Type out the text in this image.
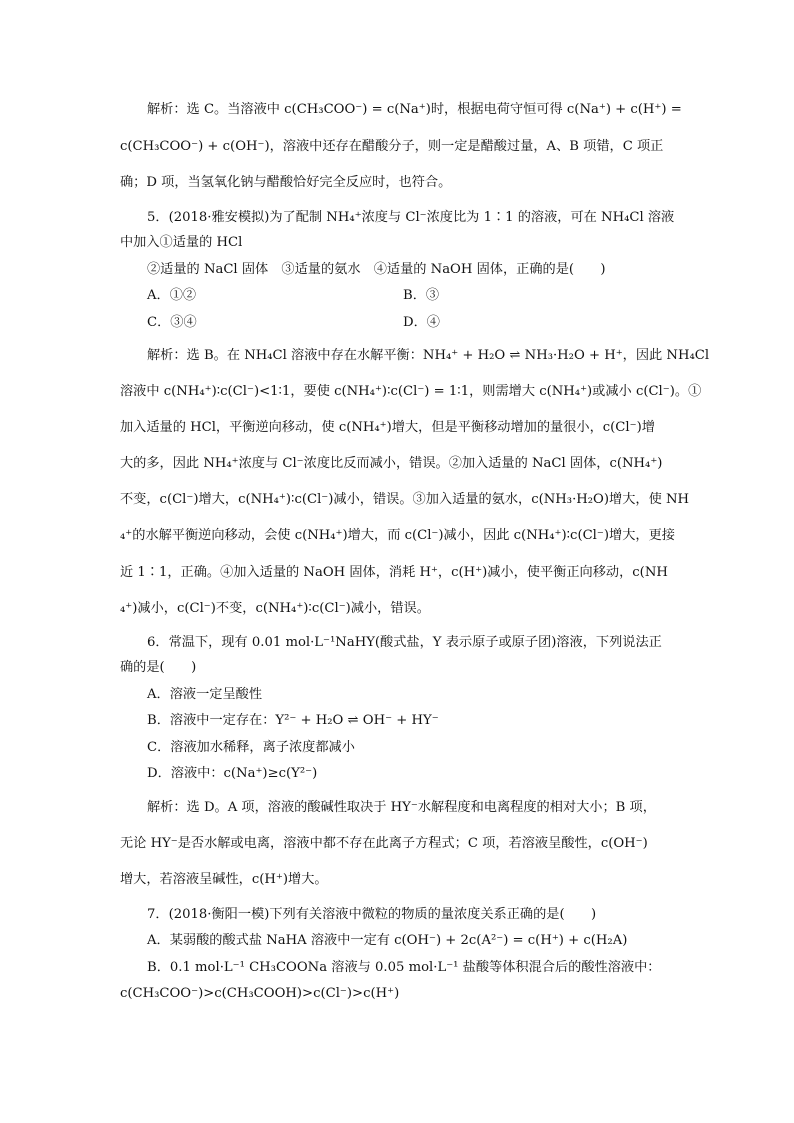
解析：选 C。当溶液中 c(CH₃COO⁻) = c(Na⁺)时，根据电荷守恒可得 c(Na⁺) + c(H⁺) =
c(CH₃COO⁻) + c(OH⁻)，溶液中还存在醋酸分子，则一定是醋酸过量，A、B 项错，C 项正
确；D 项，当氢氧化钠与醋酸恰好完全反应时，也符合。
5．(2018·雅安模拟)为了配制 NH₄⁺浓度与 Cl⁻浓度比为 1∶1 的溶液，可在 NH₄Cl 溶液
中加入①适量的 HCl
②适量的 NaCl 固体　③适量的氨水　④适量的 NaOH 固体，正确的是(　　)
A．①②	B．③
C．③④	D．④
解析：选 B。在 NH₄Cl 溶液中存在水解平衡：NH₄⁺ + H₂O ⇌ NH₃·H₂O + H⁺，因此 NH₄Cl
溶液中 c(NH₄⁺)∶c(Cl⁻)<1∶1，要使 c(NH₄⁺)∶c(Cl⁻) = 1∶1，则需增大 c(NH₄⁺)或减小 c(Cl⁻)。①
加入适量的 HCl，平衡逆向移动，使 c(NH₄⁺)增大，但是平衡移动增加的量很小，c(Cl⁻)增
大的多，因此 NH₄⁺浓度与 Cl⁻浓度比反而减小，错误。②加入适量的 NaCl 固体，c(NH₄⁺)
不变，c(Cl⁻)增大，c(NH₄⁺)∶c(Cl⁻)减小，错误。③加入适量的氨水，c(NH₃·H₂O)增大，使 NH
₄⁺的水解平衡逆向移动，会使 c(NH₄⁺)增大，而 c(Cl⁻)减小，因此 c(NH₄⁺)∶c(Cl⁻)增大，更接
近 1∶1，正确。④加入适量的 NaOH 固体，消耗 H⁺，c(H⁺)减小，使平衡正向移动，c(NH
₄⁺)减小，c(Cl⁻)不变，c(NH₄⁺)∶c(Cl⁻)减小，错误。
6．常温下，现有 0.01 mol·L⁻¹NaHY(酸式盐，Y 表示原子或原子团)溶液，下列说法正
确的是(　　)
A．溶液一定呈酸性
B．溶液中一定存在：Y²⁻ + H₂O ⇌ OH⁻ + HY⁻
C．溶液加水稀释，离子浓度都减小
D．溶液中：c(Na⁺)≥c(Y²⁻)
解析：选 D。A 项，溶液的酸碱性取决于 HY⁻水解程度和电离程度的相对大小；B 项，
无论 HY⁻是否水解或电离，溶液中都不存在此离子方程式；C 项，若溶液呈酸性，c(OH⁻)
增大，若溶液呈碱性，c(H⁺)增大。
7．(2018·衡阳一模)下列有关溶液中微粒的物质的量浓度关系正确的是(　　)
A．某弱酸的酸式盐 NaHA 溶液中一定有 c(OH⁻) + 2c(A²⁻) = c(H⁺) + c(H₂A)
B．0.1 mol·L⁻¹ CH₃COONa 溶液与 0.05 mol·L⁻¹ 盐酸等体积混合后的酸性溶液中：
c(CH₃COO⁻)>c(CH₃COOH)>c(Cl⁻)>c(H⁺)
